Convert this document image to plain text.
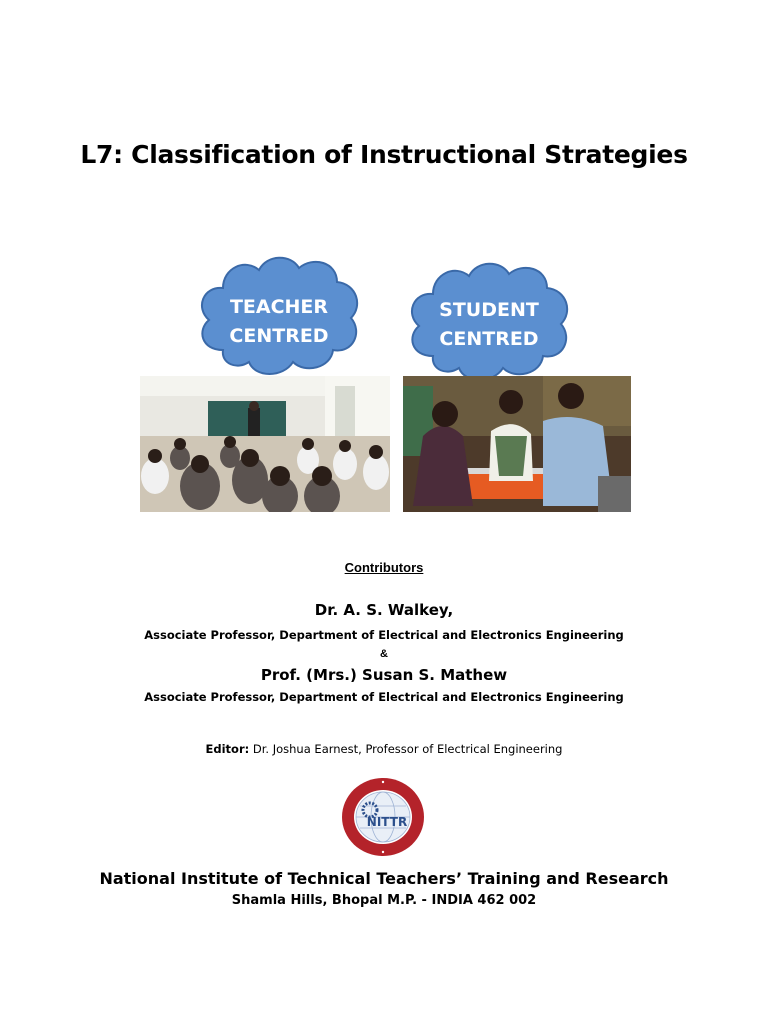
L7: Classification of Instructional Strategies
TEACHER
CENTRED
STUDENT
CENTRED
Contributors
Dr. A. S. Walkey,
Associate Professor, Department of Electrical and Electronics Engineering
&
Prof. (Mrs.) Susan S. Mathew
Associate Professor, Department of Electrical and Electronics Engineering
Editor: Dr. Joshua Earnest, Professor of Electrical Engineering
NITTR
National Institute of Technical Teachers’ Training and Research
Shamla Hills, Bhopal M.P. - INDIA 462 002
